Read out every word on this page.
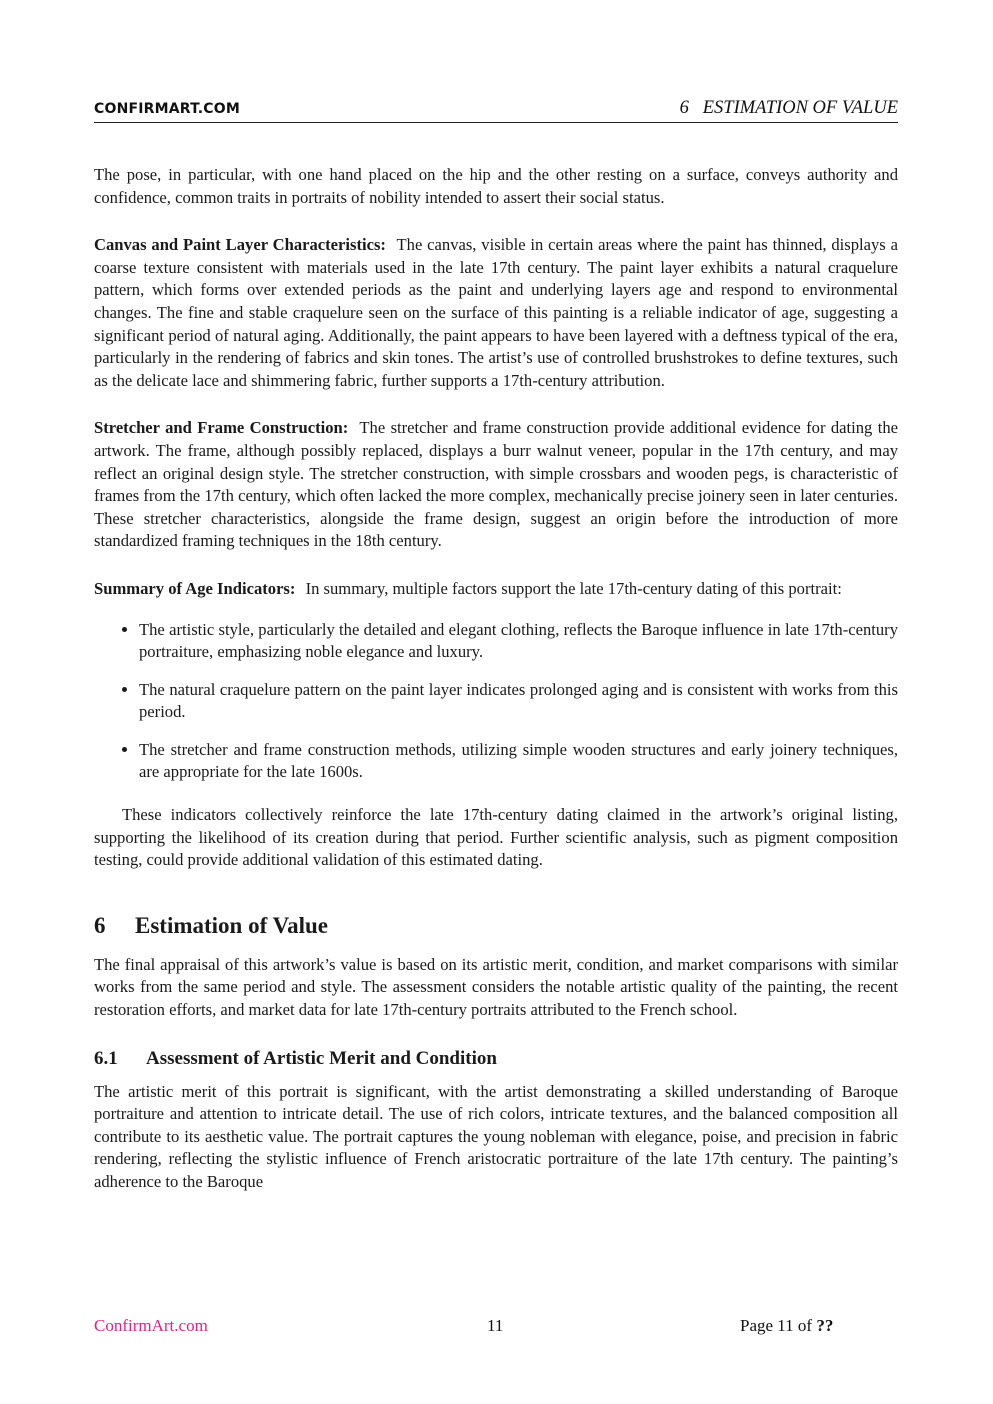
CONFIRMART.COM	6   ESTIMATION OF VALUE

The pose, in particular, with one hand placed on the hip and the other resting on a surface, conveys authority and confidence, common traits in portraits of nobility intended to assert their social status.

Canvas and Paint Layer Characteristics: The canvas, visible in certain areas where the paint has thinned, displays a coarse texture consistent with materials used in the late 17th century. The paint layer exhibits a natural craquelure pattern, which forms over extended periods as the paint and underlying layers age and respond to environmental changes. The fine and stable craquelure seen on the surface of this painting is a reliable indicator of age, suggesting a significant period of natural aging. Additionally, the paint appears to have been layered with a deftness typical of the era, particularly in the rendering of fabrics and skin tones. The artist’s use of controlled brushstrokes to define textures, such as the delicate lace and shimmering fabric, further supports a 17th-century attribution.

Stretcher and Frame Construction: The stretcher and frame construction provide additional evidence for dating the artwork. The frame, although possibly replaced, displays a burr walnut veneer, popular in the 17th century, and may reflect an original design style. The stretcher construction, with simple crossbars and wooden pegs, is characteristic of frames from the 17th century, which often lacked the more complex, mechanically precise joinery seen in later centuries. These stretcher characteristics, alongside the frame design, suggest an origin before the introduction of more standardized framing techniques in the 18th century.

Summary of Age Indicators: In summary, multiple factors support the late 17th-century dating of this portrait:

• The artistic style, particularly the detailed and elegant clothing, reflects the Baroque influence in late 17th-century portraiture, emphasizing noble elegance and luxury.
• The natural craquelure pattern on the paint layer indicates prolonged aging and is consistent with works from this period.
• The stretcher and frame construction methods, utilizing simple wooden structures and early joinery techniques, are appropriate for the late 1600s.

These indicators collectively reinforce the late 17th-century dating claimed in the artwork’s original listing, supporting the likelihood of its creation during that period. Further scientific analysis, such as pigment composition testing, could provide additional validation of this estimated dating.

6 Estimation of Value

The final appraisal of this artwork’s value is based on its artistic merit, condition, and market comparisons with similar works from the same period and style. The assessment considers the notable artistic quality of the painting, the recent restoration efforts, and market data for late 17th-century portraits attributed to the French school.

6.1 Assessment of Artistic Merit and Condition

The artistic merit of this portrait is significant, with the artist demonstrating a skilled understanding of Baroque portraiture and attention to intricate detail. The use of rich colors, intricate textures, and the balanced composition all contribute to its aesthetic value. The portrait captures the young nobleman with elegance, poise, and precision in fabric rendering, reflecting the stylistic influence of French aristocratic portraiture of the late 17th century. The painting’s adherence to the Baroque

ConfirmArt.com	11	Page 11 of ??
